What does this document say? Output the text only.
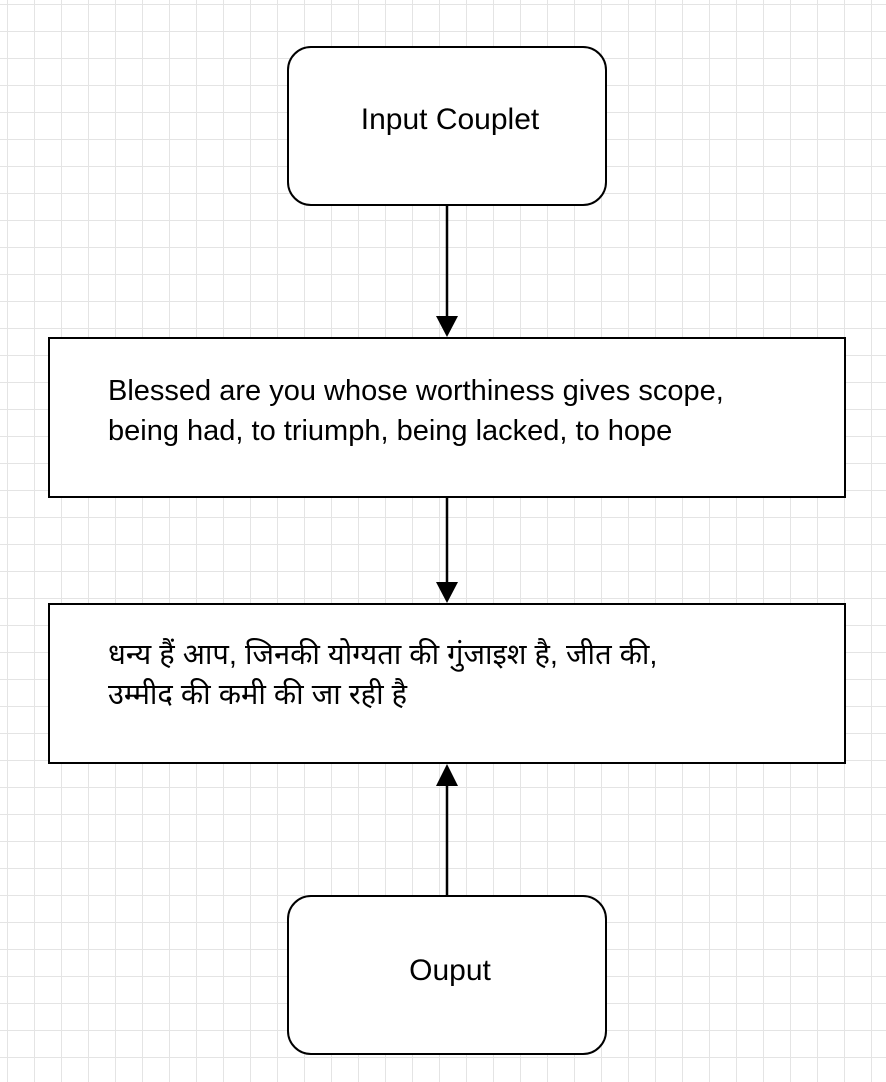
Input Couplet
Blessed are you whose worthiness gives scope,
being had, to triumph, being lacked, to hope
धन्य हैं आप, जिनकी योग्यता की गुंजाइश है, जीत की,
उम्मीद की कमी की जा रही है
Ouput
